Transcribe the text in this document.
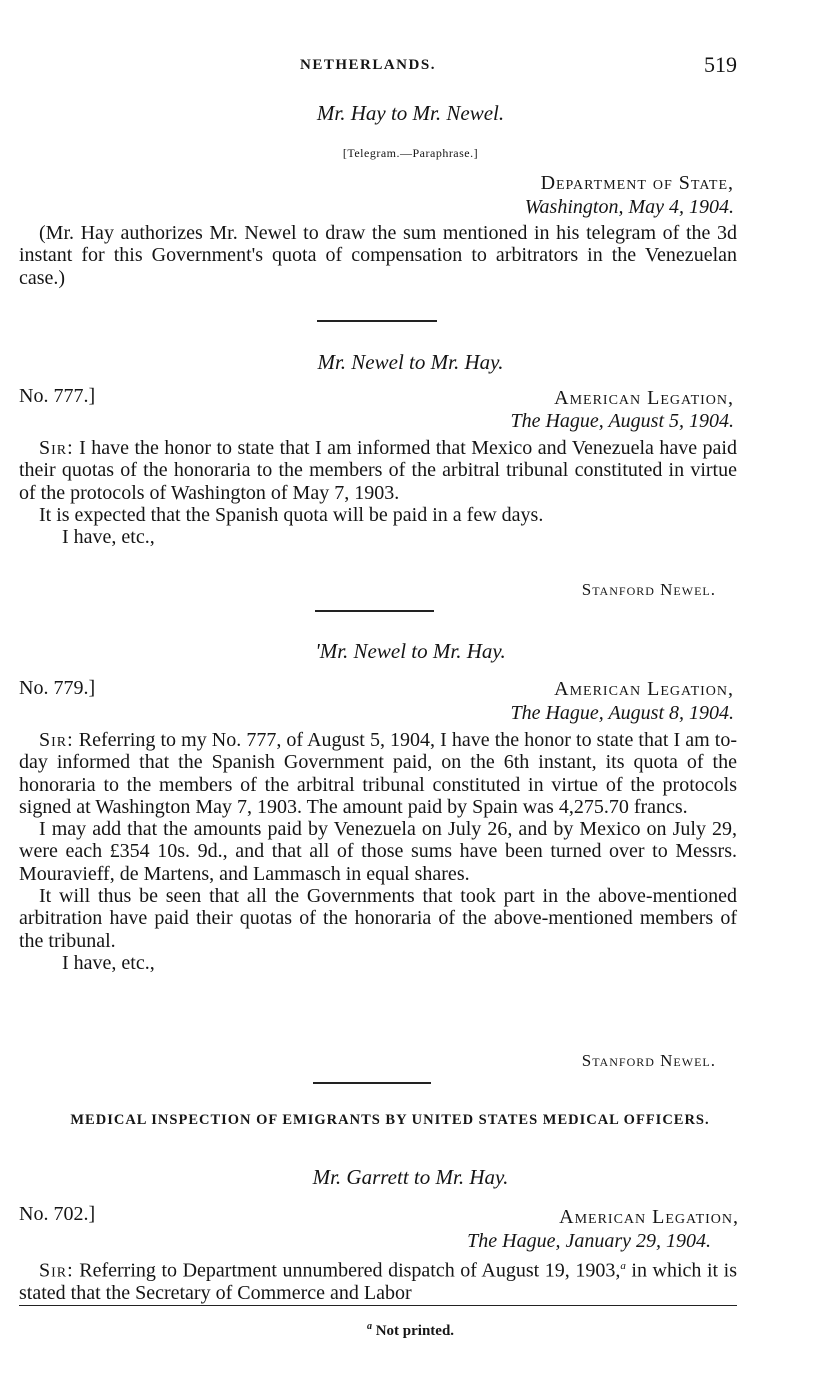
NETHERLANDS.	519
Mr. Hay to Mr. Newel.
[Telegram.—Paraphrase.]
Department of State,
Washington, May 4, 1904.

(Mr. Hay authorizes Mr. Newel to draw the sum mentioned in his telegram of the 3d instant for this Government's quota of compensation to arbitrators in the Venezuelan case.)

Mr. Newel to Mr. Hay.
No. 777.]	American Legation,
The Hague, August 5, 1904.

Sir: I have the honor to state that I am informed that Mexico and Venezuela have paid their quotas of the honoraria to the members of the arbitral tribunal constituted in virtue of the protocols of Washington of May 7, 1903.

It is expected that the Spanish quota will be paid in a few days.

I have, etc.,

Stanford Newel.
'Mr. Newel to Mr. Hay.
No. 779.]	American Legation,
The Hague, August 8, 1904.

Sir: Referring to my No. 777, of August 5, 1904, I have the honor to state that I am to-day informed that the Spanish Government paid, on the 6th instant, its quota of the honoraria to the members of the arbitral tribunal constituted in virtue of the protocols signed at Washington May 7, 1903. The amount paid by Spain was 4,275.70 francs.

I may add that the amounts paid by Venezuela on July 26, and by Mexico on July 29, were each £354 10s. 9d., and that all of those sums have been turned over to Messrs. Mouravieff, de Martens, and Lammasch in equal shares.

It will thus be seen that all the Governments that took part in the above-mentioned arbitration have paid their quotas of the honoraria of the above-mentioned members of the tribunal.

I have, etc.,

Stanford Newel.
MEDICAL INSPECTION OF EMIGRANTS BY UNITED STATES MEDICAL OFFICERS.
Mr. Garrett to Mr. Hay.
No. 702.]	American Legation,
The Hague, January 29, 1904.

Sir: Referring to Department unnumbered dispatch of August 19, 1903,$^a$ in which it is stated that the Secretary of Commerce and Labor

$^a$ Not printed.
